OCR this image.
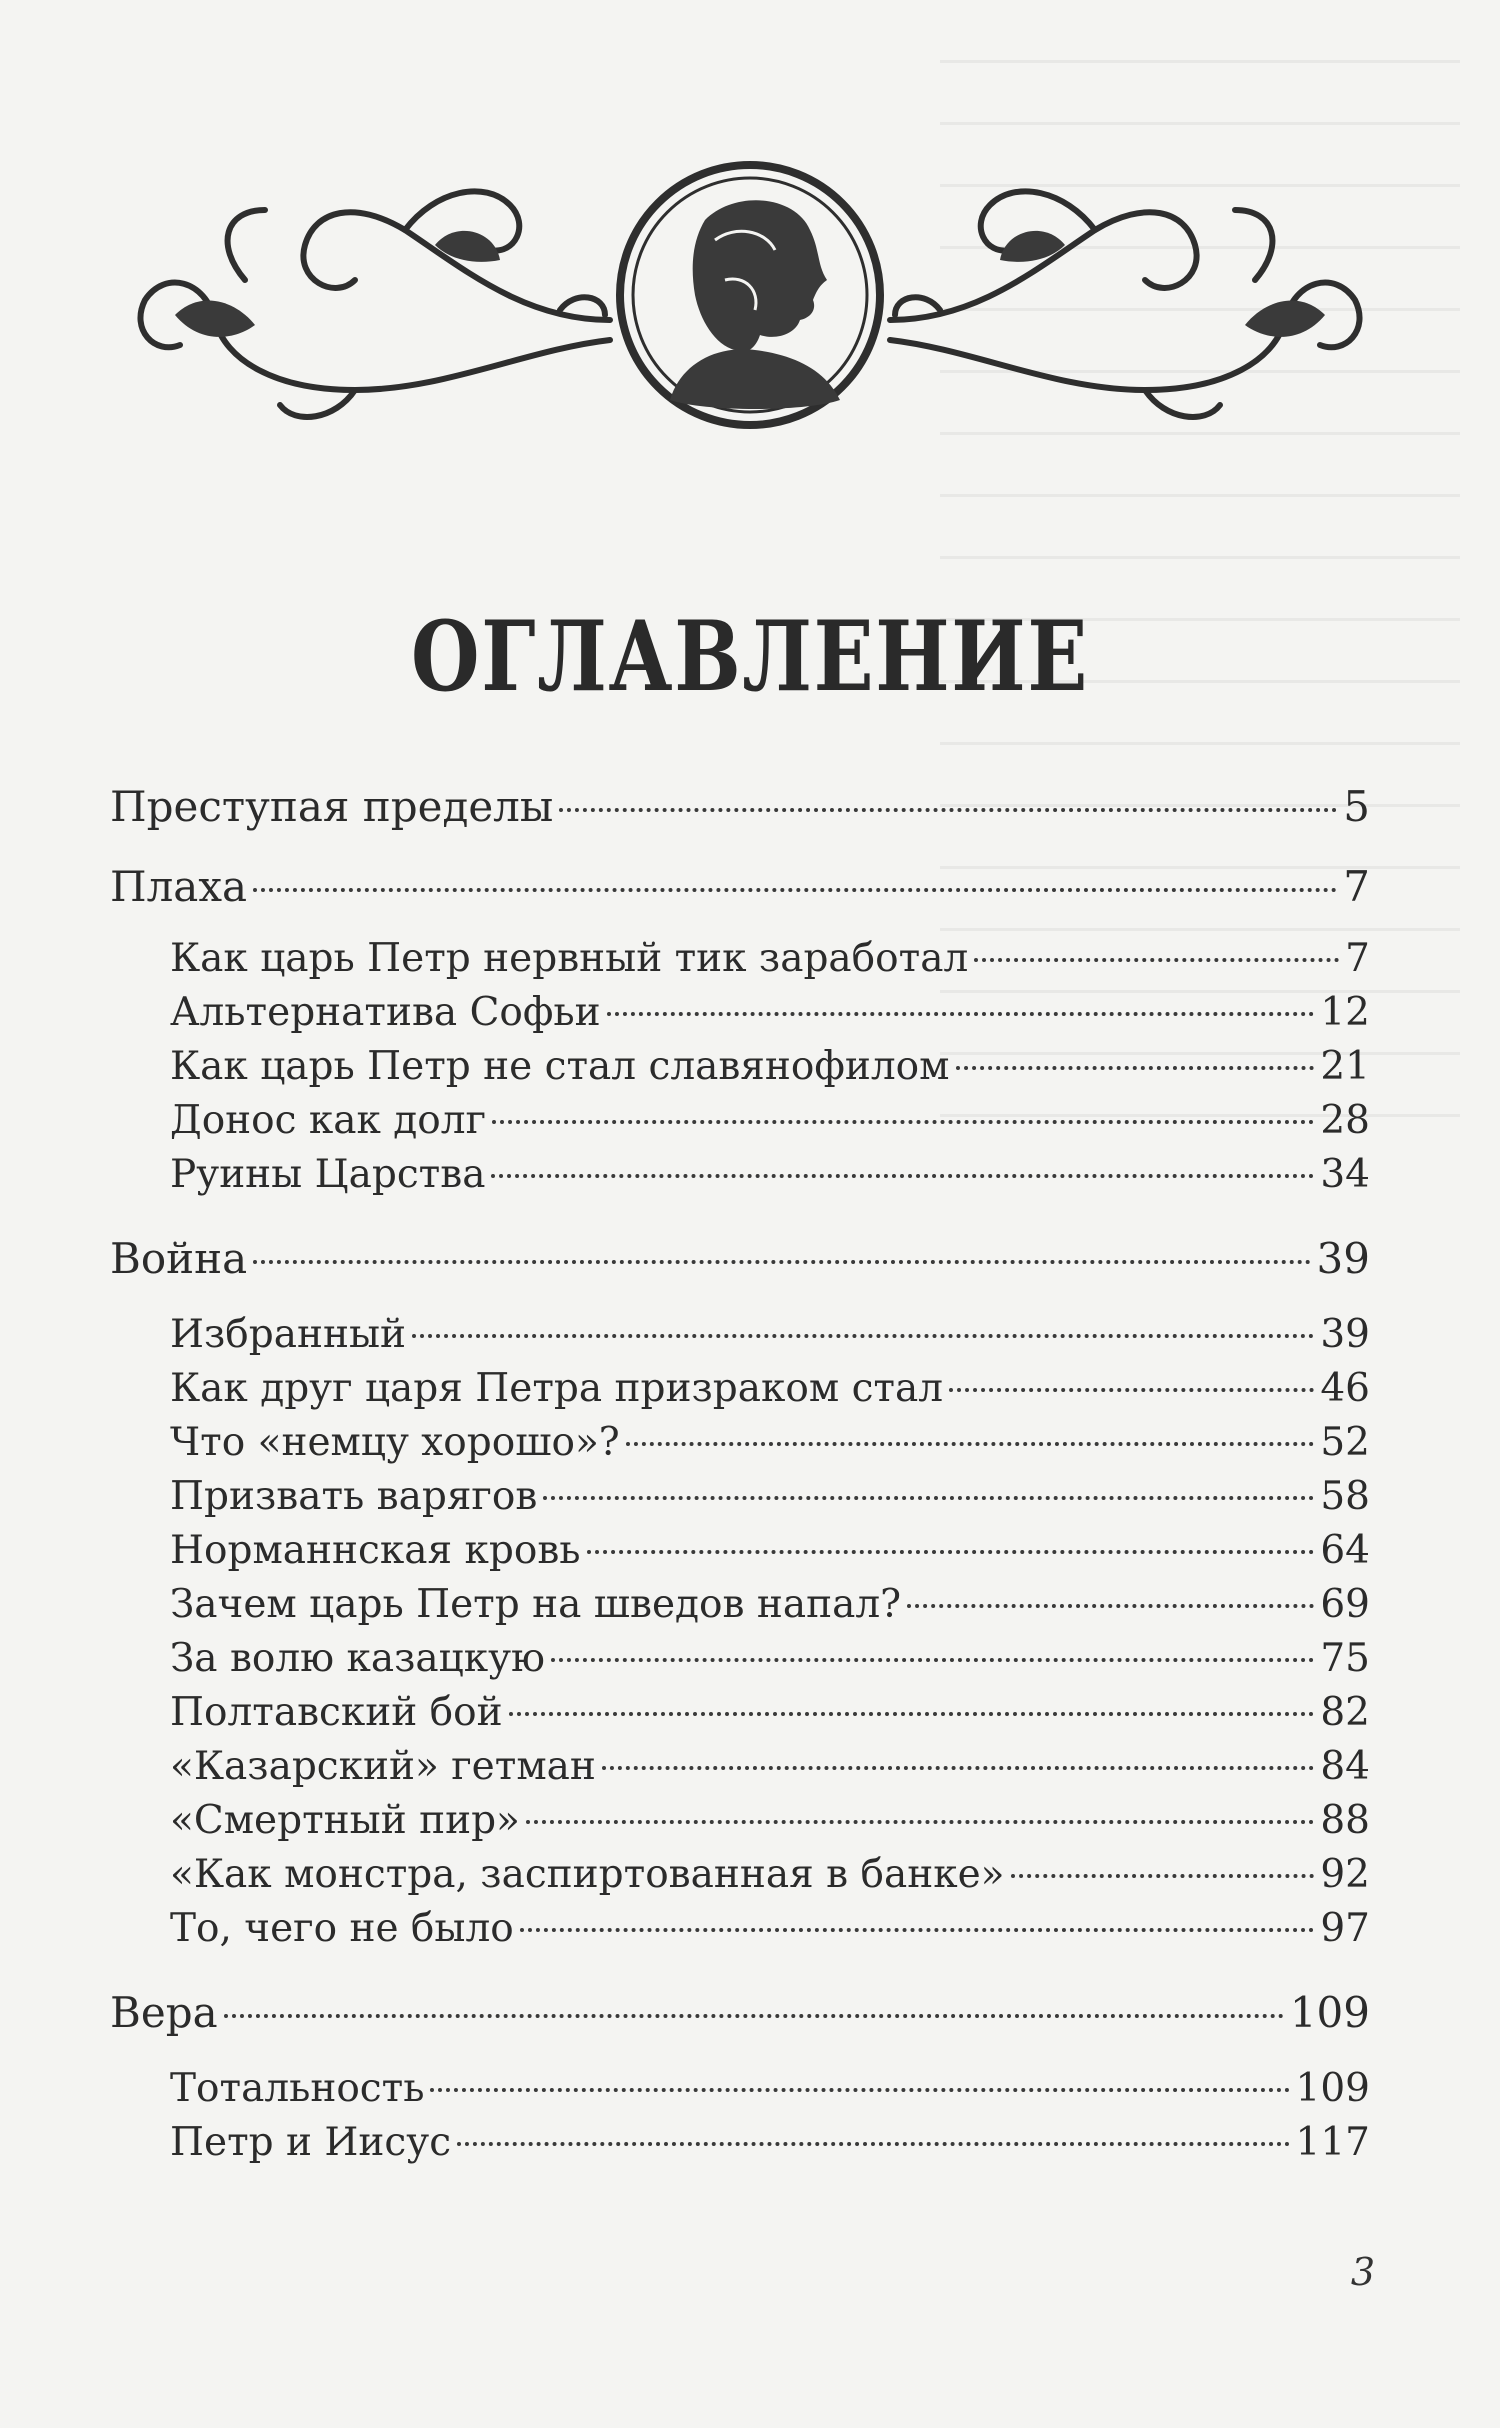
ОГЛАВЛЕНИЕ
Преступая пределы	5
Плаха	7
Как царь Петр нервный тик заработал	7
Альтернатива Софьи	12
Как царь Петр не стал славянофилом	21
Донос как долг	28
Руины Царства	34
Война	39
Избранный	39
Как друг царя Петра призраком стал	46
Что «немцу хорошо»?	52
Призвать варягов	58
Норманнская кровь	64
Зачем царь Петр на шведов напал?	69
За волю казацкую	75
Полтавский бой	82
«Казарский» гетман	84
«Смертный пир»	88
«Как монстра, заспиртованная в банке»	92
То, чего не было	97
Вера	109
Тотальность	109
Петр и Иисус	117
3
